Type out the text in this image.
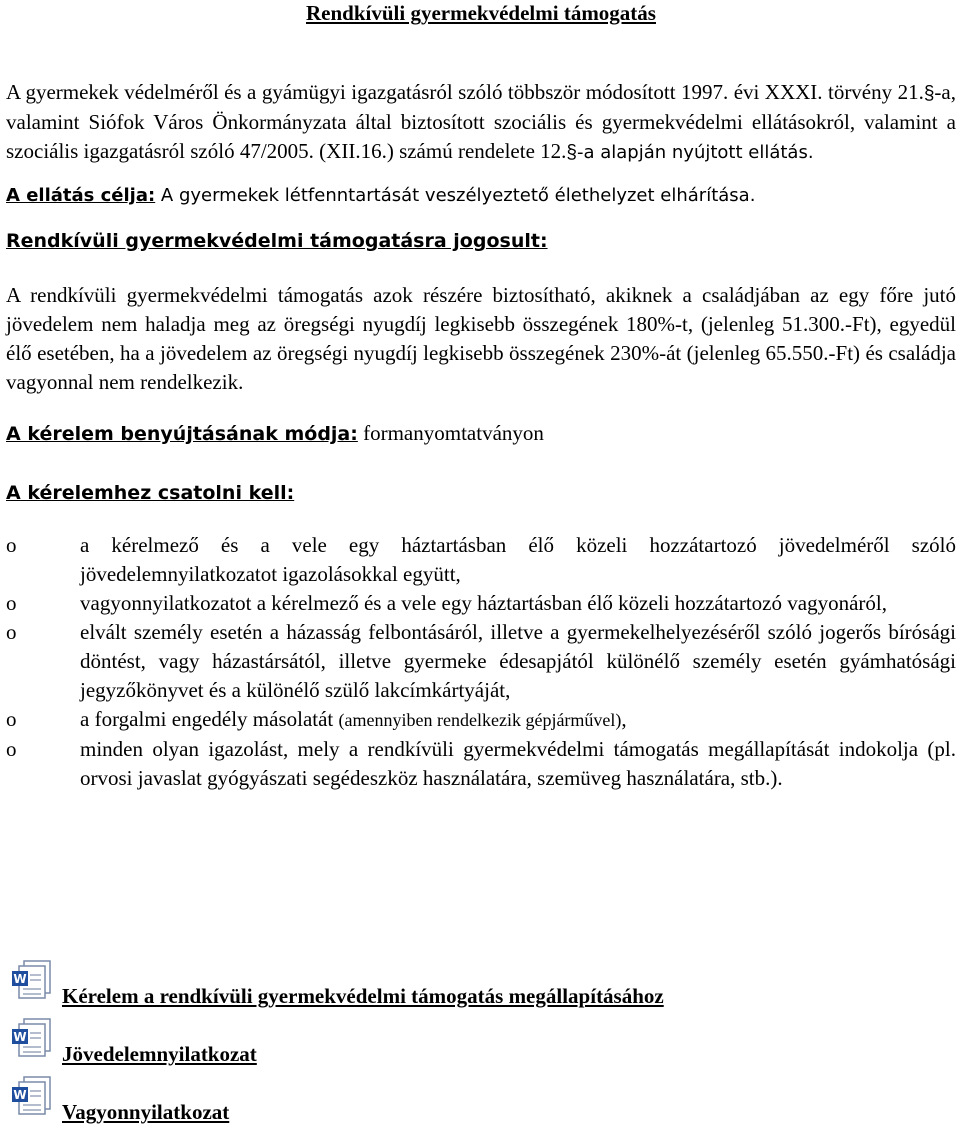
Rendkívüli gyermekvédelmi támogatás

A gyermekek védelméről és a gyámügyi igazgatásról szóló többször módosított 1997. évi XXXI. törvény 21.§-a, valamint Siófok Város Önkormányzata által biztosított szociális és gyermekvédelmi ellátásokról, valamint a szociális igazgatásról szóló 47/2005. (XII.16.) számú rendelete 12.§-a alapján nyújtott ellátás.

A ellátás célja: A gyermekek létfenntartását veszélyeztető élethelyzet elhárítása.

Rendkívüli gyermekvédelmi támogatásra jogosult:

A rendkívüli gyermekvédelmi támogatás azok részére biztosítható, akiknek a családjában az egy főre jutó jövedelem nem haladja meg az öregségi nyugdíj legkisebb összegének 180%-t, (jelenleg 51.300.-Ft), egyedül élő esetében, ha a jövedelem az öregségi nyugdíj legkisebb összegének 230%-át (jelenleg 65.550.-Ft) és családja vagyonnal nem rendelkezik.

A kérelem benyújtásának módja: formanyomtatványon

A kérelemhez csatolni kell:

o	a kérelmező és a vele egy háztartásban élő közeli hozzátartozó jövedelméről szóló jövedelemnyilatkozatot igazolásokkal együtt,
o	vagyonnyilatkozatot a kérelmező és a vele egy háztartásban élő közeli hozzátartozó vagyonáról,
o	elvált személy esetén a házasság felbontásáról, illetve a gyermekelhelyezéséről szóló jogerős bírósági döntést, vagy házastársától, illetve gyermeke édesapjától különélő személy esetén gyámhatósági jegyzőkönyvet és a különélő szülő lakcímkártyáját,
o	a forgalmi engedély másolatát (amennyiben rendelkezik gépjárművel),
o	minden olyan igazolást, mely a rendkívüli gyermekvédelmi támogatás megállapítását indokolja (pl. orvosi javaslat gyógyászati segédeszköz használatára, szemüveg használatára, stb.).
W
Kérelem a rendkívüli gyermekvédelmi támogatás megállapításához
W
Jövedelemnyilatkozat
W
Vagyonnyilatkozat
